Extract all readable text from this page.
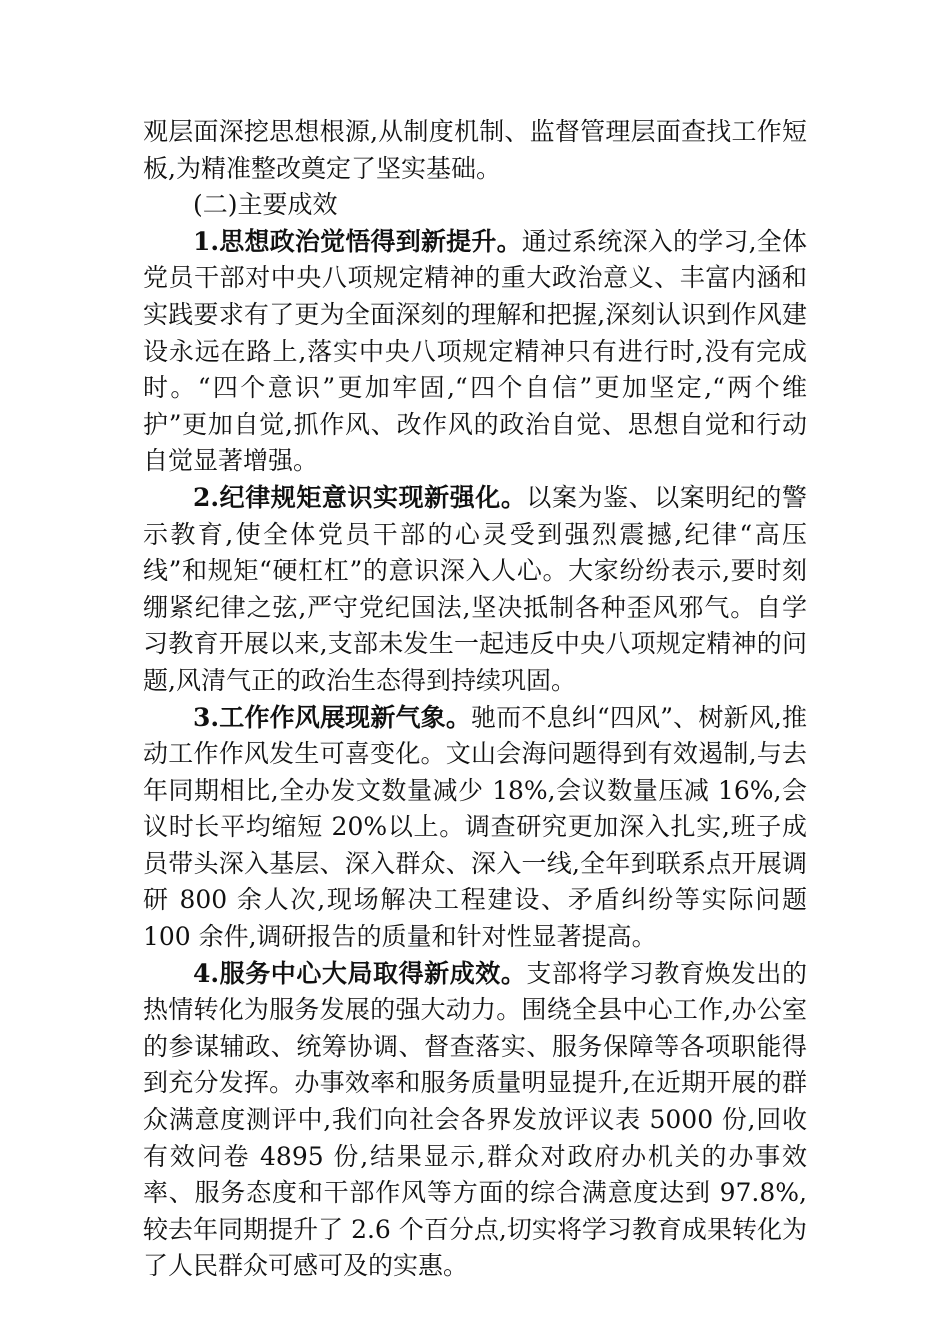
观层面深挖思想根源,从制度机制、监督管理层面查找工作短板,为精准整改奠定了坚实基础。

(二)主要成效

1.思想政治觉悟得到新提升。通过系统深入的学习,全体党员干部对中央八项规定精神的重大政治意义、丰富内涵和实践要求有了更为全面深刻的理解和把握,深刻认识到作风建设永远在路上,落实中央八项规定精神只有进行时,没有完成时。“四个意识”更加牢固,“四个自信”更加坚定,“两个维护”更加自觉,抓作风、改作风的政治自觉、思想自觉和行动自觉显著增强。

2.纪律规矩意识实现新强化。以案为鉴、以案明纪的警示教育,使全体党员干部的心灵受到强烈震撼,纪律“高压线”和规矩“硬杠杠”的意识深入人心。大家纷纷表示,要时刻绷紧纪律之弦,严守党纪国法,坚决抵制各种歪风邪气。自学习教育开展以来,支部未发生一起违反中央八项规定精神的问题,风清气正的政治生态得到持续巩固。

3.工作作风展现新气象。驰而不息纠“四风”、树新风,推动工作作风发生可喜变化。文山会海问题得到有效遏制,与去年同期相比,全办发文数量减少 18%,会议数量压减 16%,会议时长平均缩短 20%以上。调查研究更加深入扎实,班子成员带头深入基层、深入群众、深入一线,全年到联系点开展调研 800 余人次,现场解决工程建设、矛盾纠纷等实际问题 100 余件,调研报告的质量和针对性显著提高。

4.服务中心大局取得新成效。支部将学习教育焕发出的热情转化为服务发展的强大动力。围绕全县中心工作,办公室的参谋辅政、统筹协调、督查落实、服务保障等各项职能得到充分发挥。办事效率和服务质量明显提升,在近期开展的群众满意度测评中,我们向社会各界发放评议表 5000 份,回收有效问卷 4895 份,结果显示,群众对政府办机关的办事效率、服务态度和干部作风等方面的综合满意度达到 97.8%,较去年同期提升了 2.6 个百分点,切实将学习教育成果转化为了人民群众可感可及的实惠。
